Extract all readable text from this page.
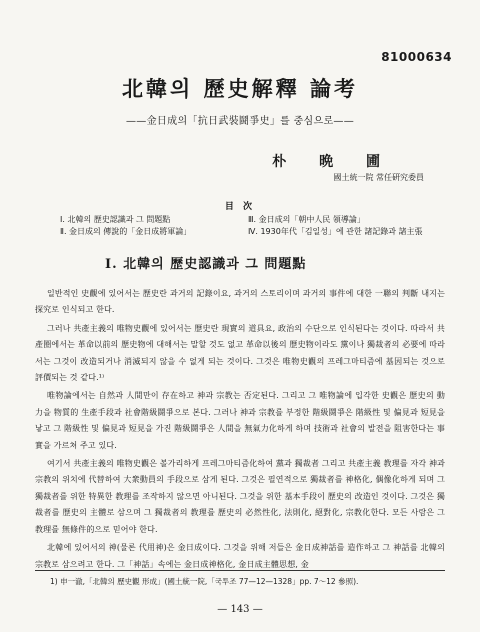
81000634
北韓의 歷史解釋 論考
——金日成의「抗日武裝鬪爭史」를 중심으로——
朴 晩 圃
國土統一院 常任硏究委員
目 次
Ⅰ. 北韓의 歷史認識과 그 問題點	Ⅲ. 金日成의「朝中人民 領導論」
Ⅱ. 金日成의 傳說的「金日成將軍論」	Ⅳ. 1930年代「김일성」에 관한 諸記錄과 諸主張
Ⅰ. 北韓의 歷史認識과 그 問題點

일반적인 史觀에 있어서는 歷史란 과거의 記錄이요, 과거의 스토리이며 과거의 事件에 대한 一聯의 判斷 내지는 探究로 인식되고 한다.

그러나 共產主義의 唯物史觀에 있어서는 歷史란 現實의 道具요, 政治의 수단으로 인식된다는 것이다. 따라서 共產圈에서는 革命以前의 歷史物에 대해서는 말할 것도 없고 革命以後의 歷史物이라도 黨이나 獨裁者의 必要에 따라서는 그것이 改造되거나 消滅되지 않을 수 없게 되는 것이다. 그것은 唯物史觀의 프레그마티즘에 基因되는 것으로 評價되는 것 같다.¹⁾

唯物論에서는 自然과 人間만이 存在하고 神과 宗教는 否定된다. 그리고 그 唯物論에 입각한 史觀은 歷史의 動力을 物質的 生產手段과 社會階級鬪爭으로 본다. 그러나 神과 宗教를 부정한 階級鬪爭은 階級性 및 偏見과 短見을 낳고 그 階級性 및 偏見과 短見을 가진 階級鬪爭은 人間을 無氣力化하게 하며 技術과 社會의 발전을 阻害한다는 事實을 가르쳐 주고 있다.

여기서 共產主義의 唯物史觀은 볼가리하게 프레그마티즘化하여 黨과 獨裁者 그리고 共產主義 教理를 자각 神과 宗教의 위치에 代替하여 大衆動員의 手段으로 삼게 된다. 그것은 필연적으로 獨裁者를 神格化, 偶像化하게 되며 그 獨裁者를 위한 特異한 教理를 조작하지 않으면 아니된다. 그것을 위한 基本手段이 歷史의 改造인 것이다. 그것은 獨裁者를 歷史의 主體로 삼으며 그 獨裁者의 教理를 歷史의 必然性化, 法則化, 絕對化, 宗教化한다. 모든 사람은 그 教理를 無條件的으로 믿어야 한다.

北韓에 있어서의 神(물론 代用神)은 金日成이다. 그것을 위해 저들은 金日成神話를 造作하고 그 神話를 北韓의 宗教로 삼으려고 한다. 그「神話」속에는 金日成神格化, 金日成主體思想, 金

1) 申一澈,「北韓의 歷史觀 形成」(國土統一院,「국투조 77—12—1328」pp. 7～12 參照).
— 143 —
